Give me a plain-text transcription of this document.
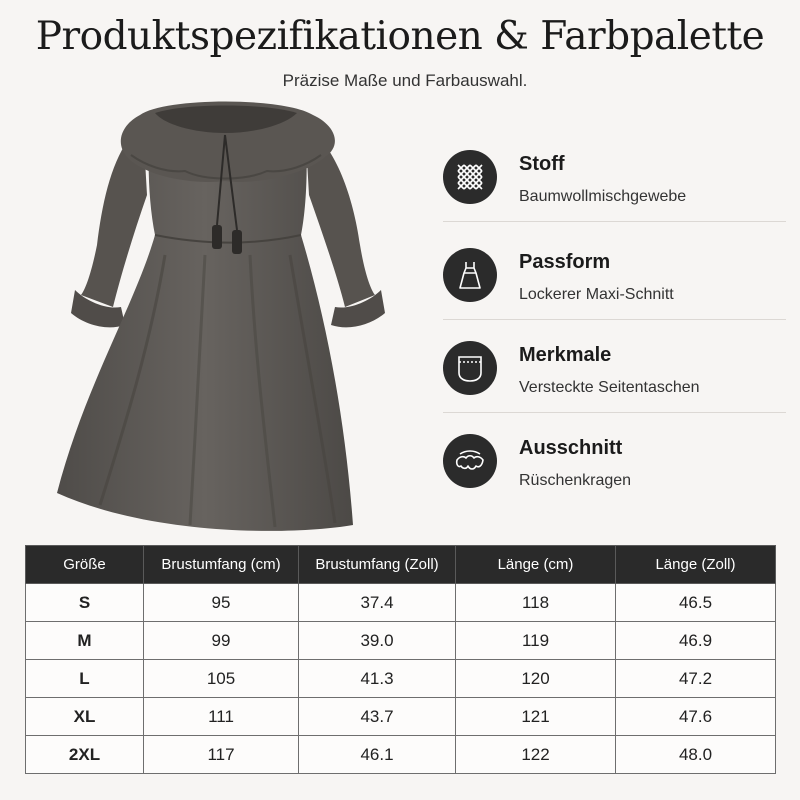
Produktspezifikationen & Farbpalette
Präzise Maße und Farbauswahl.
Stoff
Baumwollmischgewebe
Passform
Lockerer Maxi-Schnitt
Merkmale
Versteckte Seitentaschen
Ausschnitt
Rüschenkragen
Größe	Brustumfang (cm)	Brustumfang (Zoll)	Länge (cm)	Länge (Zoll)
S	95	37.4	118	46.5
M	99	39.0	119	46.9
L	105	41.3	120	47.2
XL	111	43.7	121	47.6
2XL	117	46.1	122	48.0
